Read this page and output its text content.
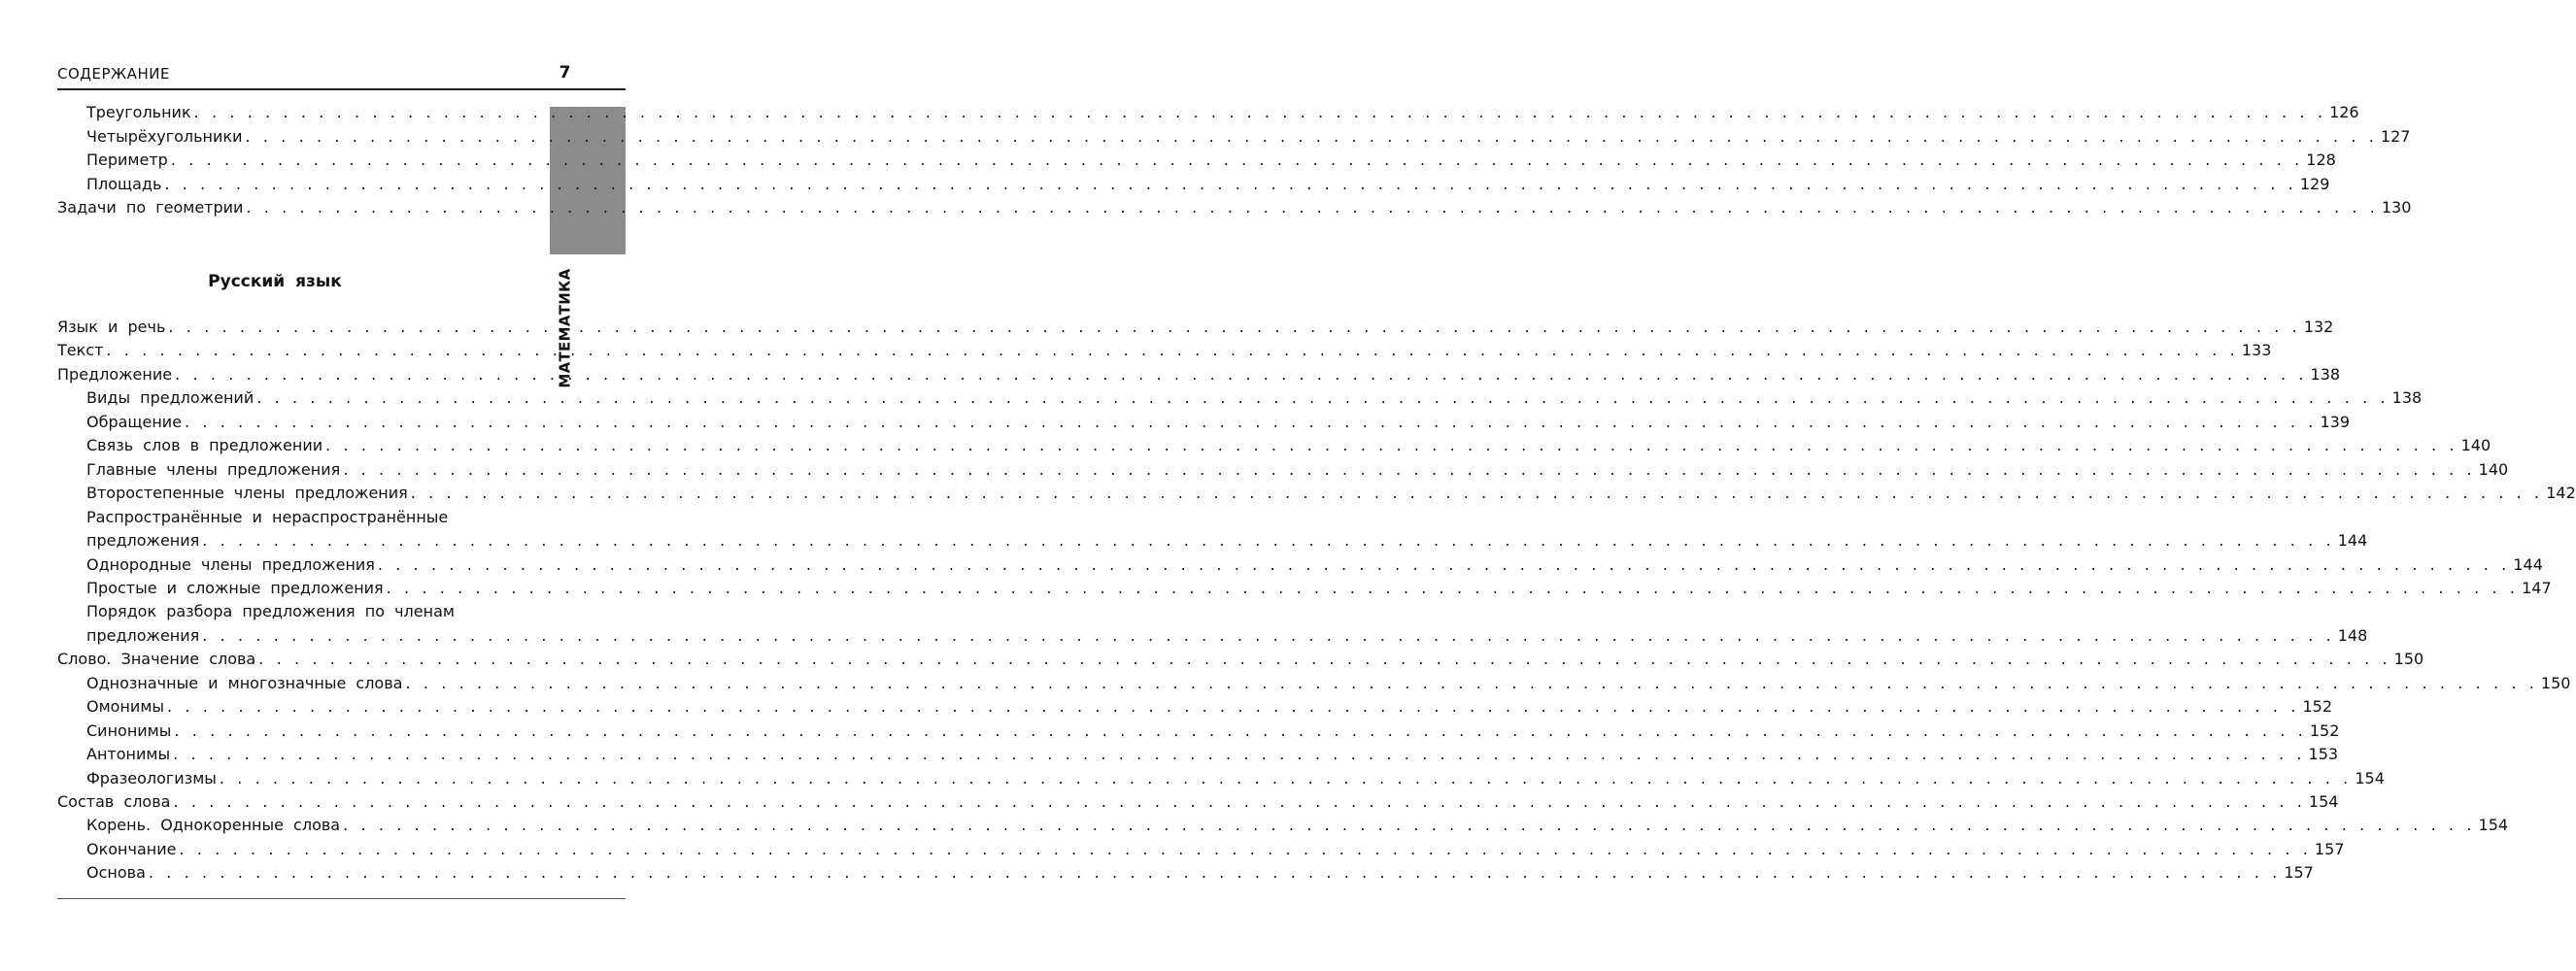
СОДЕРЖАНИЕ	7
МАТЕМАТИКА
Русский язык
Треугольник . . . . . . . . . . . . . . . . . . . . . . . . . . . . . . . . . . . . . . . . . . . . . . . . . . . . . . . . . . . . . . . . . . . . . . . . . . . . . . . . . . . . . . . . . . . . . . . . . . . . . . . . . . . . . . . . . . . . . . . . 126
Четырёхугольники . . . . . . . . . . . . . . . . . . . . . . . . . . . . . . . . . . . . . . . . . . . . . . . . . . . . . . . . . . . . . . . . . . . . . . . . . . . . . . . . . . . . . . . . . . . . . . . . . . . . . . . . . . . . . . . . . . . . . . . . 127
Периметр . . . . . . . . . . . . . . . . . . . . . . . . . . . . . . . . . . . . . . . . . . . . . . . . . . . . . . . . . . . . . . . . . . . . . . . . . . . . . . . . . . . . . . . . . . . . . . . . . . . . . . . . . . . . . . . . . . . . . . . . 128
Площадь . . . . . . . . . . . . . . . . . . . . . . . . . . . . . . . . . . . . . . . . . . . . . . . . . . . . . . . . . . . . . . . . . . . . . . . . . . . . . . . . . . . . . . . . . . . . . . . . . . . . . . . . . . . . . . . . . . . . . . . . 129
Задачи по геометрии . . . . . . . . . . . . . . . . . . . . . . . . . . . . . . . . . . . . . . . . . . . . . . . . . . . . . . . . . . . . . . . . . . . . . . . . . . . . . . . . . . . . . . . . . . . . . . . . . . . . . . . . . . . . . . . . . . . . . . . . 130
Язык и речь . . . . . . . . . . . . . . . . . . . . . . . . . . . . . . . . . . . . . . . . . . . . . . . . . . . . . . . . . . . . . . . . . . . . . . . . . . . . . . . . . . . . . . . . . . . . . . . . . . . . . . . . . . . . . . . . . . . . . . . . 132
Текст . . . . . . . . . . . . . . . . . . . . . . . . . . . . . . . . . . . . . . . . . . . . . . . . . . . . . . . . . . . . . . . . . . . . . . . . . . . . . . . . . . . . . . . . . . . . . . . . . . . . . . . . . . . . . . . . . . . . . . . . 133
Предложение . . . . . . . . . . . . . . . . . . . . . . . . . . . . . . . . . . . . . . . . . . . . . . . . . . . . . . . . . . . . . . . . . . . . . . . . . . . . . . . . . . . . . . . . . . . . . . . . . . . . . . . . . . . . . . . . . . . . . . . . 138
Виды предложений . . . . . . . . . . . . . . . . . . . . . . . . . . . . . . . . . . . . . . . . . . . . . . . . . . . . . . . . . . . . . . . . . . . . . . . . . . . . . . . . . . . . . . . . . . . . . . . . . . . . . . . . . . . . . . . . . . . . . . . . 138
Обращение . . . . . . . . . . . . . . . . . . . . . . . . . . . . . . . . . . . . . . . . . . . . . . . . . . . . . . . . . . . . . . . . . . . . . . . . . . . . . . . . . . . . . . . . . . . . . . . . . . . . . . . . . . . . . . . . . . . . . . . . 139
Связь слов в предложении . . . . . . . . . . . . . . . . . . . . . . . . . . . . . . . . . . . . . . . . . . . . . . . . . . . . . . . . . . . . . . . . . . . . . . . . . . . . . . . . . . . . . . . . . . . . . . . . . . . . . . . . . . . . . . . . . . . . . . . . 140
Главные члены предложения . . . . . . . . . . . . . . . . . . . . . . . . . . . . . . . . . . . . . . . . . . . . . . . . . . . . . . . . . . . . . . . . . . . . . . . . . . . . . . . . . . . . . . . . . . . . . . . . . . . . . . . . . . . . . . . . . . . . . . . . 140
Второстепенные члены предложения . . . . . . . . . . . . . . . . . . . . . . . . . . . . . . . . . . . . . . . . . . . . . . . . . . . . . . . . . . . . . . . . . . . . . . . . . . . . . . . . . . . . . . . . . . . . . . . . . . . . . . . . . . . . . . . . . . . . . . . . 142
Распространённые и нераспространённые
предложения . . . . . . . . . . . . . . . . . . . . . . . . . . . . . . . . . . . . . . . . . . . . . . . . . . . . . . . . . . . . . . . . . . . . . . . . . . . . . . . . . . . . . . . . . . . . . . . . . . . . . . . . . . . . . . . . . . . . . . . . 144
Однородные члены предложения . . . . . . . . . . . . . . . . . . . . . . . . . . . . . . . . . . . . . . . . . . . . . . . . . . . . . . . . . . . . . . . . . . . . . . . . . . . . . . . . . . . . . . . . . . . . . . . . . . . . . . . . . . . . . . . . . . . . . . . . 144
Простые и сложные предложения . . . . . . . . . . . . . . . . . . . . . . . . . . . . . . . . . . . . . . . . . . . . . . . . . . . . . . . . . . . . . . . . . . . . . . . . . . . . . . . . . . . . . . . . . . . . . . . . . . . . . . . . . . . . . . . . . . . . . . . . 147
Порядок разбора предложения по членам
предложения . . . . . . . . . . . . . . . . . . . . . . . . . . . . . . . . . . . . . . . . . . . . . . . . . . . . . . . . . . . . . . . . . . . . . . . . . . . . . . . . . . . . . . . . . . . . . . . . . . . . . . . . . . . . . . . . . . . . . . . . 148
Слово. Значение слова . . . . . . . . . . . . . . . . . . . . . . . . . . . . . . . . . . . . . . . . . . . . . . . . . . . . . . . . . . . . . . . . . . . . . . . . . . . . . . . . . . . . . . . . . . . . . . . . . . . . . . . . . . . . . . . . . . . . . . . . 150
Однозначные и многозначные слова . . . . . . . . . . . . . . . . . . . . . . . . . . . . . . . . . . . . . . . . . . . . . . . . . . . . . . . . . . . . . . . . . . . . . . . . . . . . . . . . . . . . . . . . . . . . . . . . . . . . . . . . . . . . . . . . . . . . . . . . 150
Омонимы . . . . . . . . . . . . . . . . . . . . . . . . . . . . . . . . . . . . . . . . . . . . . . . . . . . . . . . . . . . . . . . . . . . . . . . . . . . . . . . . . . . . . . . . . . . . . . . . . . . . . . . . . . . . . . . . . . . . . . . . 152
Синонимы . . . . . . . . . . . . . . . . . . . . . . . . . . . . . . . . . . . . . . . . . . . . . . . . . . . . . . . . . . . . . . . . . . . . . . . . . . . . . . . . . . . . . . . . . . . . . . . . . . . . . . . . . . . . . . . . . . . . . . . . 152
Антонимы . . . . . . . . . . . . . . . . . . . . . . . . . . . . . . . . . . . . . . . . . . . . . . . . . . . . . . . . . . . . . . . . . . . . . . . . . . . . . . . . . . . . . . . . . . . . . . . . . . . . . . . . . . . . . . . . . . . . . . . . 153
Фразеологизмы . . . . . . . . . . . . . . . . . . . . . . . . . . . . . . . . . . . . . . . . . . . . . . . . . . . . . . . . . . . . . . . . . . . . . . . . . . . . . . . . . . . . . . . . . . . . . . . . . . . . . . . . . . . . . . . . . . . . . . . . 154
Состав слова . . . . . . . . . . . . . . . . . . . . . . . . . . . . . . . . . . . . . . . . . . . . . . . . . . . . . . . . . . . . . . . . . . . . . . . . . . . . . . . . . . . . . . . . . . . . . . . . . . . . . . . . . . . . . . . . . . . . . . . . 154
Корень. Однокоренные слова . . . . . . . . . . . . . . . . . . . . . . . . . . . . . . . . . . . . . . . . . . . . . . . . . . . . . . . . . . . . . . . . . . . . . . . . . . . . . . . . . . . . . . . . . . . . . . . . . . . . . . . . . . . . . . . . . . . . . . . . 154
Окончание . . . . . . . . . . . . . . . . . . . . . . . . . . . . . . . . . . . . . . . . . . . . . . . . . . . . . . . . . . . . . . . . . . . . . . . . . . . . . . . . . . . . . . . . . . . . . . . . . . . . . . . . . . . . . . . . . . . . . . . . 157
Основа . . . . . . . . . . . . . . . . . . . . . . . . . . . . . . . . . . . . . . . . . . . . . . . . . . . . . . . . . . . . . . . . . . . . . . . . . . . . . . . . . . . . . . . . . . . . . . . . . . . . . . . . . . . . . . . . . . . . . . . . 157
